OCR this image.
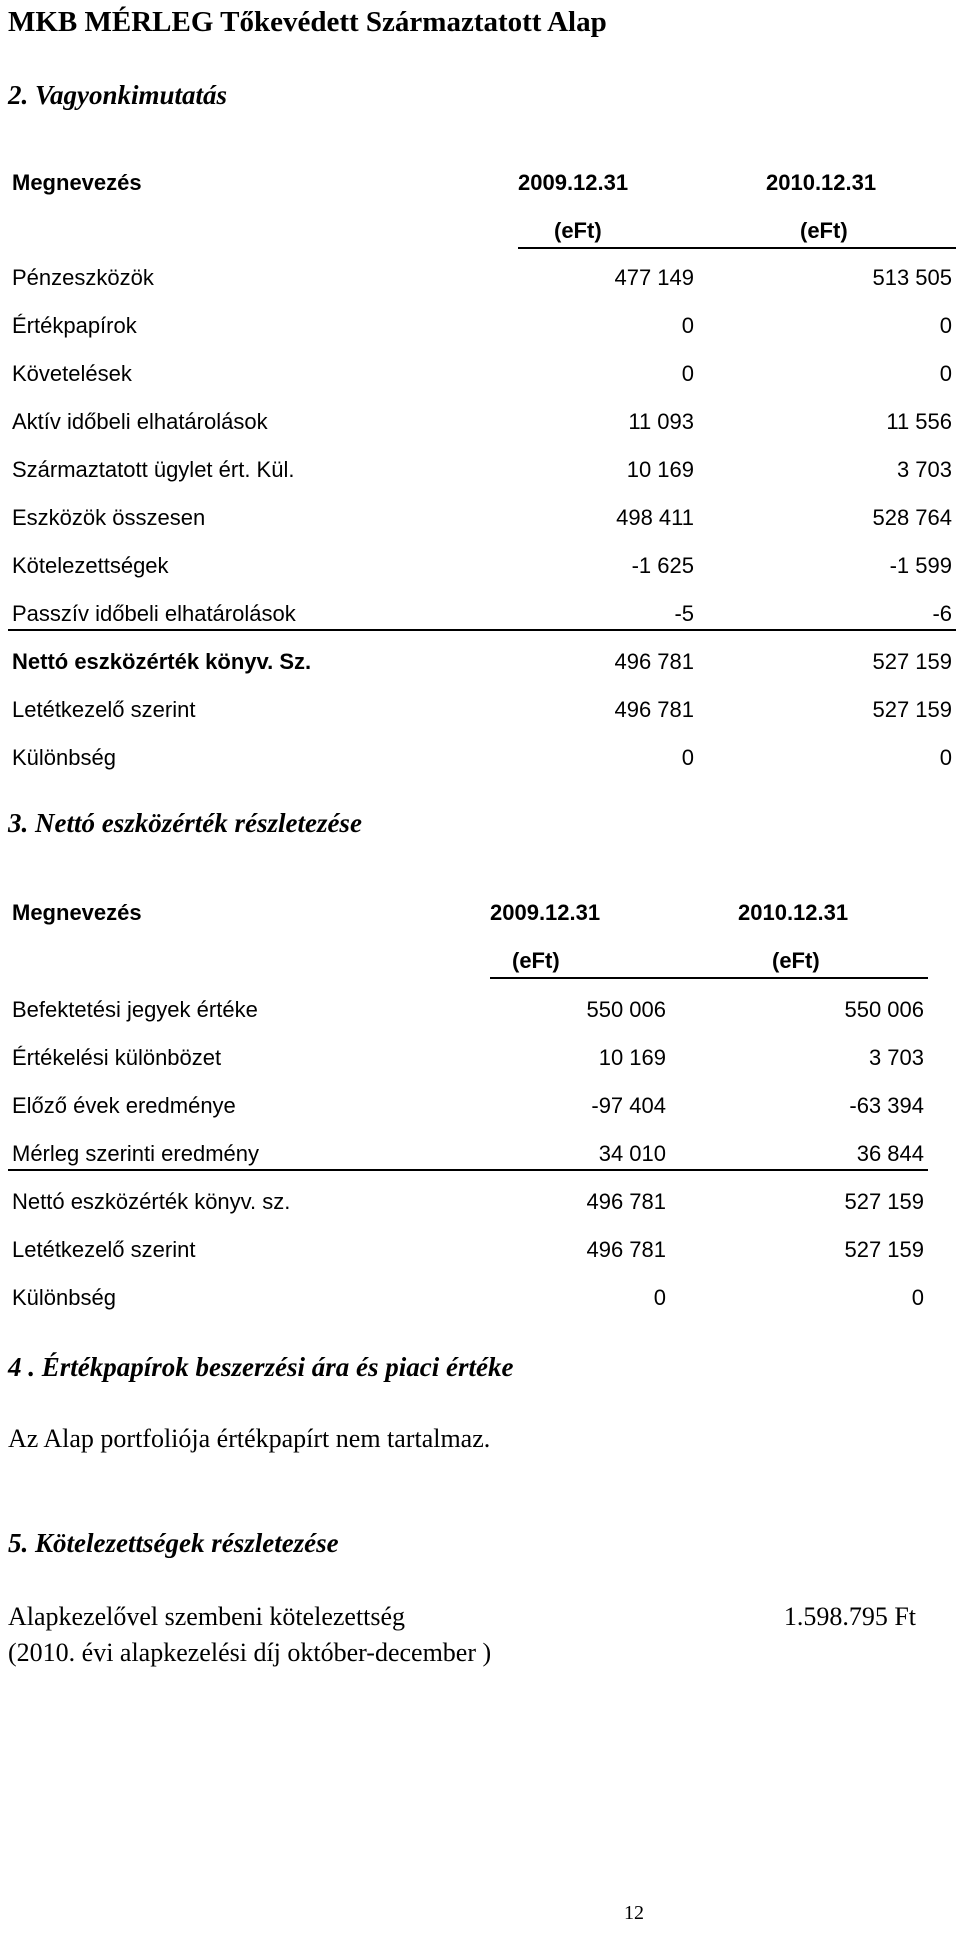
MKB MÉRLEG Tőkevédett Származtatott Alap
2. Vagyonkimutatás
Megnevezés	2009.12.31	2010.12.31
(eFt)	(eFt)
Pénzeszközök	477 149	513 505
Értékpapírok	0	0
Követelések	0	0
Aktív időbeli elhatárolások	11 093	11 556
Származtatott ügylet ért. Kül.	10 169	3 703
Eszközök összesen	498 411	528 764
Kötelezettségek	-1 625	-1 599
Passzív időbeli elhatárolások	-5	-6
Nettó eszközérték könyv. Sz.	496 781	527 159
Letétkezelő szerint	496 781	527 159
Különbség	0	0
3. Nettó eszközérték részletezése
Megnevezés	2009.12.31	2010.12.31
(eFt)	(eFt)
Befektetési jegyek értéke	550 006	550 006
Értékelési különbözet	10 169	3 703
Előző évek eredménye	-97 404	-63 394
Mérleg szerinti eredmény	34 010	36 844
Nettó eszközérték könyv. sz.	496 781	527 159
Letétkezelő szerint	496 781	527 159
Különbség	0	0
4 . Értékpapírok beszerzési ára és piaci értéke
Az Alap portfoliója értékpapírt nem tartalmaz.
5. Kötelezettségek részletezése
Alapkezelővel szembeni kötelezettség
(2010. évi alapkezelési díj október-december )
1.598.795 Ft
12
